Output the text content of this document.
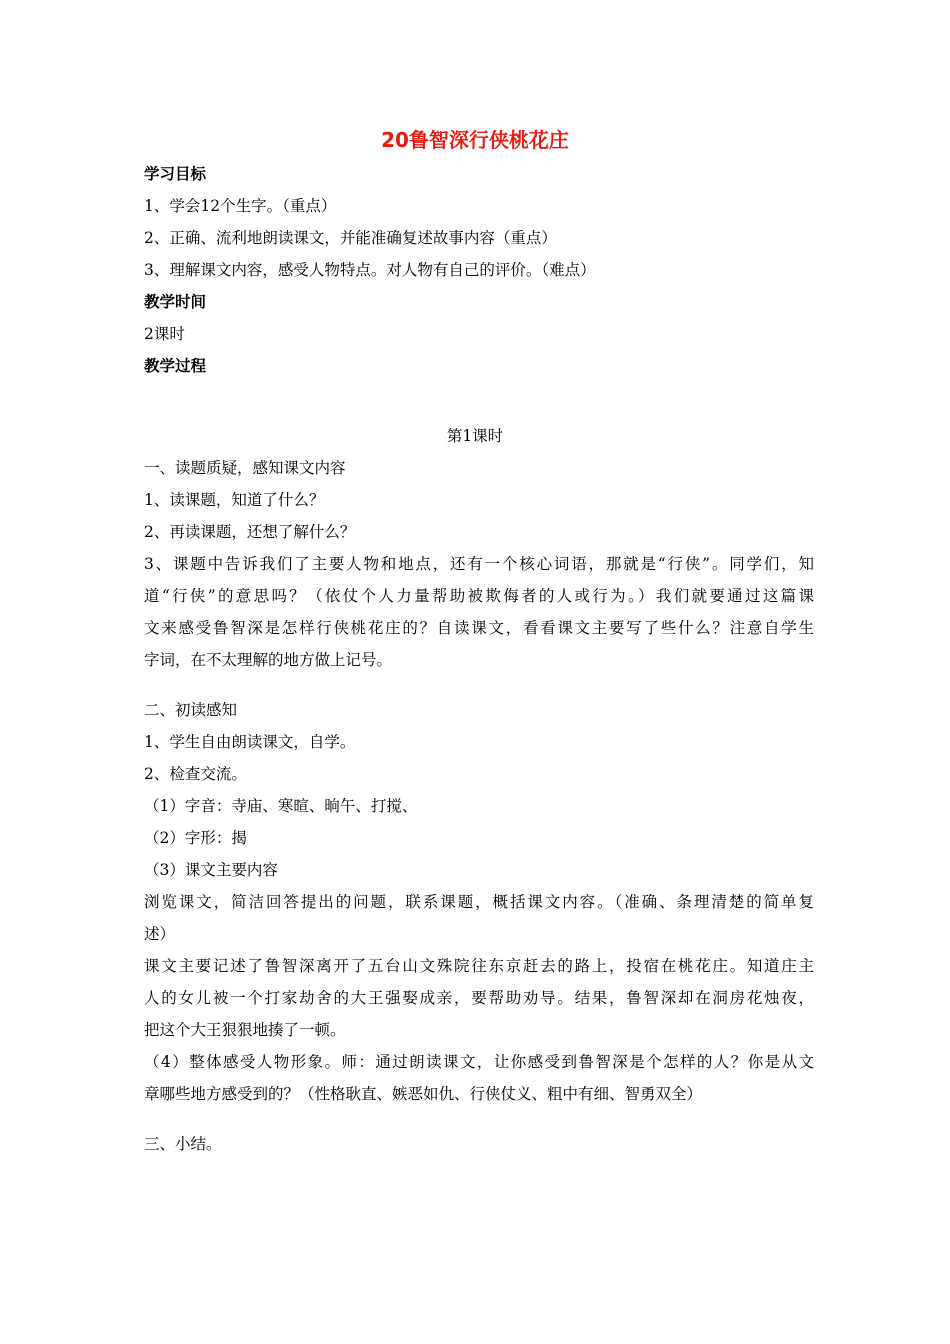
20鲁智深行侠桃花庄
学习目标
1、学会12个生字。（重点）
2、正确、流利地朗读课文，并能准确复述故事内容（重点）
3、理解课文内容，感受人物特点。对人物有自己的评价。（难点）
教学时间
2课时
教学过程
第1课时
一、读题质疑，感知课文内容
1、读课题，知道了什么？
2、再读课题，还想了解什么？
3、课题中告诉我们了主要人物和地点，还有一个核心词语，那就是“行侠”。同学们，知
道“行侠”的意思吗？（依仗个人力量帮助被欺侮者的人或行为。）我们就要通过这篇课
文来感受鲁智深是怎样行侠桃花庄的？自读课文，看看课文主要写了些什么？注意自学生
字词，在不太理解的地方做上记号。
二、初读感知
1、学生自由朗读课文，自学。
2、检查交流。
（1）字音：寺庙、寒暄、晌午、打搅、
（2）字形：揭
（3）课文主要内容
浏览课文，简洁回答提出的问题，联系课题，概括课文内容。（准确、条理清楚的简单复
述）
课文主要记述了鲁智深离开了五台山文殊院往东京赶去的路上，投宿在桃花庄。知道庄主
人的女儿被一个打家劫舍的大王强娶成亲，要帮助劝导。结果，鲁智深却在洞房花烛夜，
把这个大王狠狠地揍了一顿。
（4）整体感受人物形象。师：通过朗读课文，让你感受到鲁智深是个怎样的人？你是从文
章哪些地方感受到的？（性格耿直、嫉恶如仇、行侠仗义、粗中有细、智勇双全）
三、小结。
